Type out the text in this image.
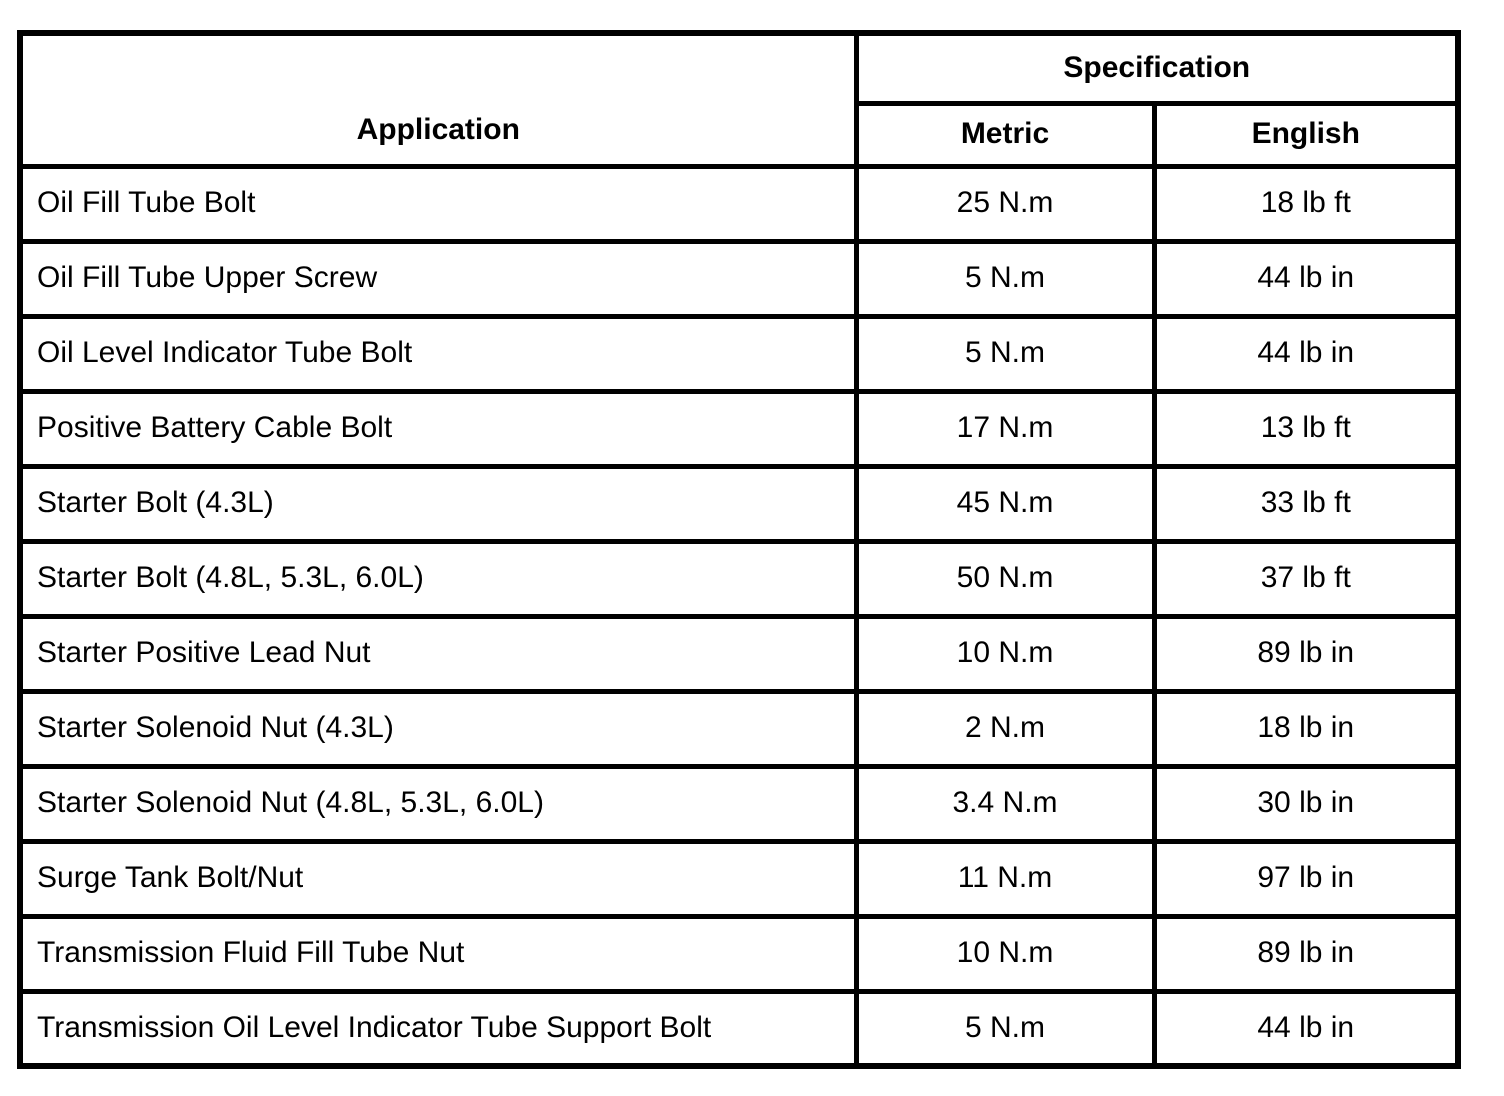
Application	Specification	
	Metric	English
Oil Fill Tube Bolt	25 N.m	18 lb ft
Oil Fill Tube Upper Screw	5 N.m	44 lb in
Oil Level Indicator Tube Bolt	5 N.m	44 lb in
Positive Battery Cable Bolt	17 N.m	13 lb ft
Starter Bolt (4.3L)	45 N.m	33 lb ft
Starter Bolt (4.8L, 5.3L, 6.0L)	50 N.m	37 lb ft
Starter Positive Lead Nut	10 N.m	89 lb in
Starter Solenoid Nut (4.3L)	2 N.m	18 lb in
Starter Solenoid Nut (4.8L, 5.3L, 6.0L)	3.4 N.m	30 lb in
Surge Tank Bolt/Nut	11 N.m	97 lb in
Transmission Fluid Fill Tube Nut	10 N.m	89 lb in
Transmission Oil Level Indicator Tube Support Bolt	5 N.m	44 lb in
